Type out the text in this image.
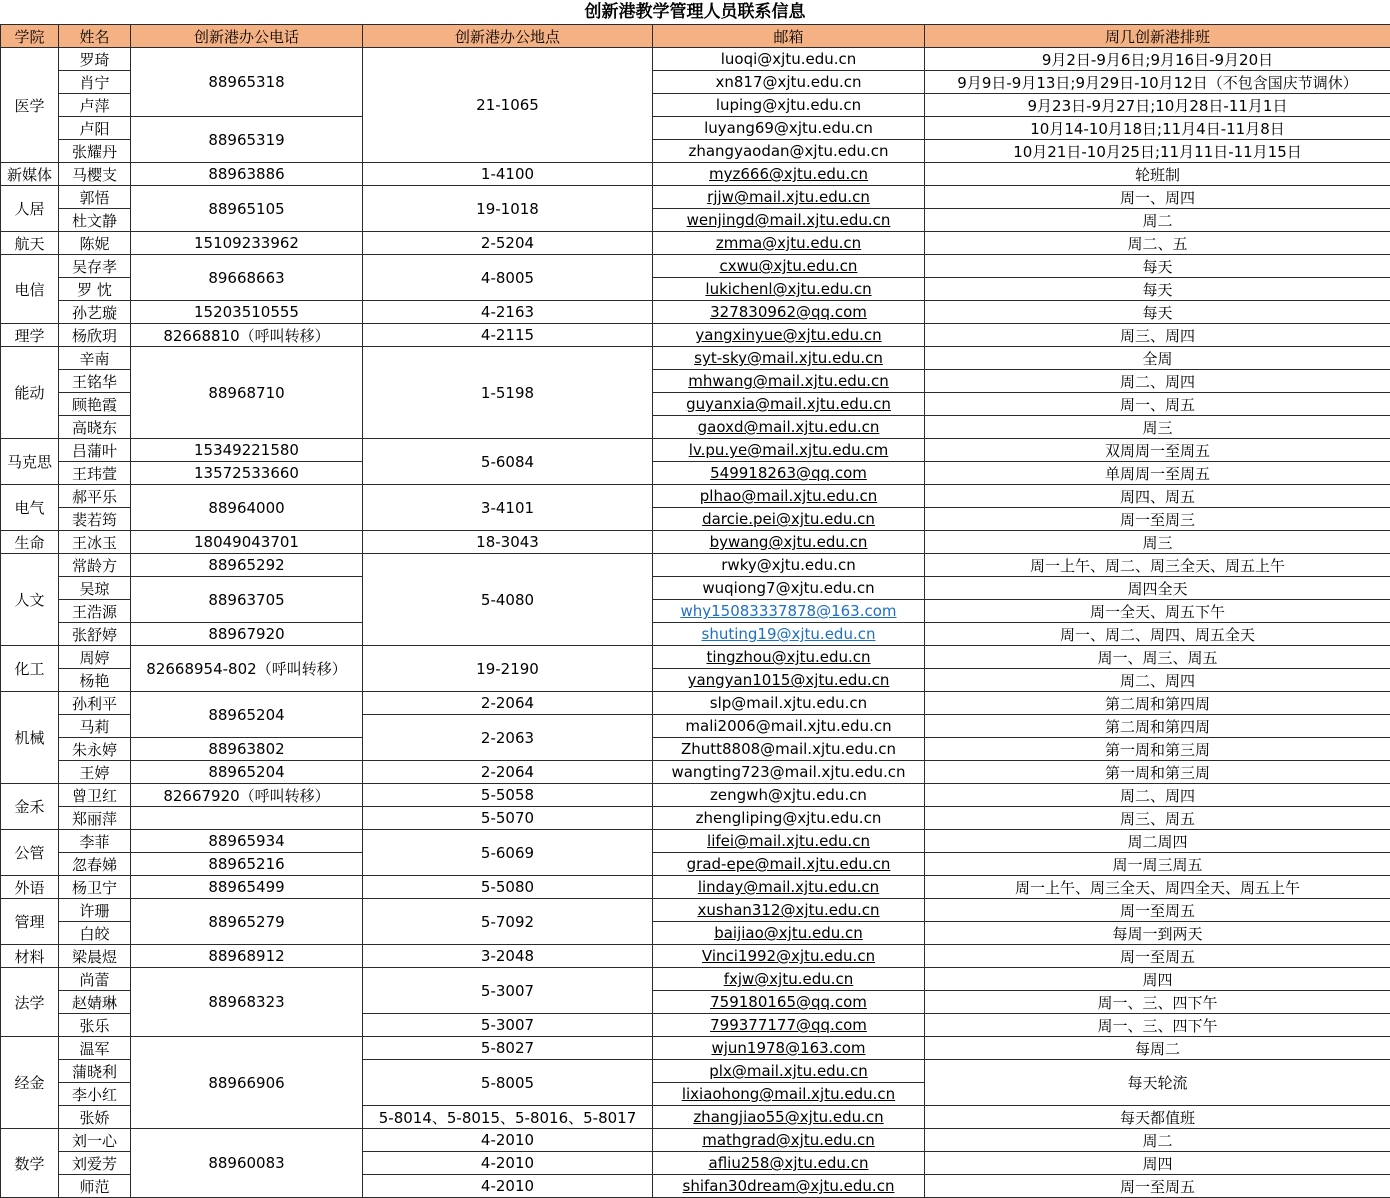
创新港教学管理人员联系信息
学院	姓名	创新港办公电话	创新港办公地点	邮箱	周几创新港排班
医学	罗琦	88965318	21-1065	luoqi@xjtu.edu.cn	9月2日-9月6日;9月16日-9月20日
	肖宁			xn817@xjtu.edu.cn	9月9日-9月13日;9月29日-10月12日（不包含国庆节调休）
	卢萍			luping@xjtu.edu.cn	9月23日-9月27日;10月28日-11月1日
	卢阳	88965319		luyang69@xjtu.edu.cn	10月14-10月18日;11月4日-11月8日
	张耀丹			zhangyaodan@xjtu.edu.cn	10月21日-10月25日;11月11日-11月15日
新媒体	马樱支	88963886	1-4100	myz666@xjtu.edu.cn	轮班制
人居	郭悟	88965105	19-1018	rjjw@mail.xjtu.edu.cn	周一、周四
	杜文静			wenjingd@mail.xjtu.edu.cn	周二
航天	陈妮	15109233962	2-5204	zmma@xjtu.edu.cn	周二、五
电信	吴存孝	89668663	4-8005	cxwu@xjtu.edu.cn	每天
	罗 忱			lukichenl@xjtu.edu.cn	每天
	孙艺璇	15203510555	4-2163	327830962@qq.com	每天
理学	杨欣玥	82668810（呼叫转移）	4-2115	yangxinyue@xjtu.edu.cn	周三、周四
能动	辛南	88968710	1-5198	syt-sky@mail.xjtu.edu.cn	全周
	王铭华			mhwang@mail.xjtu.edu.cn	周二、周四
	顾艳霞			guyanxia@mail.xjtu.edu.cn	周一、周五
	高晓东			gaoxd@mail.xjtu.edu.cn	周三
马克思	吕蒲叶	15349221580	5-6084	lv.pu.ye@mail.xjtu.edu.cm	双周周一至周五
	王玮萱	13572533660		549918263@qq.com	单周周一至周五
电气	郝平乐	88964000	3-4101	plhao@mail.xjtu.edu.cn	周四、周五
	裴若筠			darcie.pei@xjtu.edu.cn	周一至周三
生命	王冰玉	18049043701	18-3043	bywang@xjtu.edu.cn	周三
人文	常龄方	88965292	5-4080	rwky@xjtu.edu.cn	周一上午、周二、周三全天、周五上午
	吴琼	88963705		wuqiong7@xjtu.edu.cn	周四全天
	王浩源			why15083337878@163.com	周一全天、周五下午
	张舒婷	88967920		shuting19@xjtu.edu.cn	周一、周二、周四、周五全天
化工	周婷	82668954-802（呼叫转移）	19-2190	tingzhou@xjtu.edu.cn	周一、周三、周五
	杨艳			yangyan1015@xjtu.edu.cn	周二、周四
机械	孙利平	88965204	2-2064	slp@mail.xjtu.edu.cn	第二周和第四周
	马莉		2-2063	mali2006@mail.xjtu.edu.cn	第二周和第四周
	朱永婷	88963802		Zhutt8808@mail.xjtu.edu.cn	第一周和第三周
	王婷	88965204	2-2064	wangting723@mail.xjtu.edu.cn	第一周和第三周
金禾	曾卫红	82667920（呼叫转移）	5-5058	zengwh@xjtu.edu.cn	周二、周四
	郑丽萍		5-5070	zhengliping@xjtu.edu.cn	周三、周五
公管	李菲	88965934	5-6069	lifei@mail.xjtu.edu.cn	周二周四
	忽春娣	88965216		grad-epe@mail.xjtu.edu.cn	周一周三周五
外语	杨卫宁	88965499	5-5080	linday@mail.xjtu.edu.cn	周一上午、周三全天、周四全天、周五上午
管理	许珊	88965279	5-7092	xushan312@xjtu.edu.cn	周一至周五
	白皎			baijiao@xjtu.edu.cn	每周一到两天
材料	梁晨煜	88968912	3-2048	Vinci1992@xjtu.edu.cn	周一至周五
法学	尚蕾	88968323	5-3007	fxjw@xjtu.edu.cn	周四
	赵婧琳			759180165@qq.com	周一、三、四下午
	张乐		5-3007	799377177@qq.com	周一、三、四下午
经金	温军	88966906	5-8027	wjun1978@163.com	每周二
	蒲晓利		5-8005	plx@mail.xjtu.edu.cn	每天轮流
	李小红			lixiaohong@mail.xjtu.edu.cn	
	张娇		5-8014、5-8015、5-8016、5-8017	zhangjiao55@xjtu.edu.cn	每天都值班
数学	刘一心	88960083	4-2010	mathgrad@xjtu.edu.cn	周二
	刘爱芳		4-2010	afliu258@xjtu.edu.cn	周四
	师范		4-2010	shifan30dream@xjtu.edu.cn	周一至周五
